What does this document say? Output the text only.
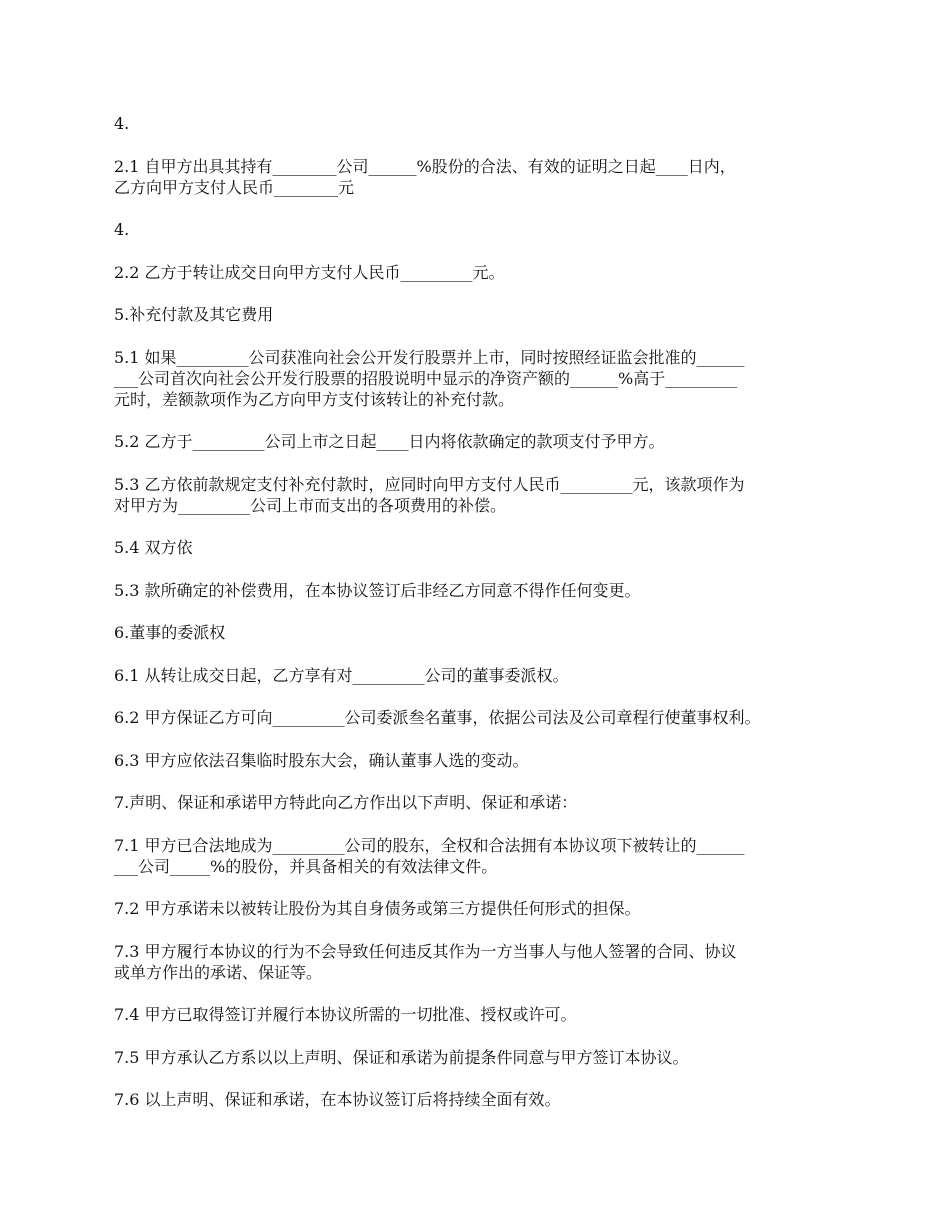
4.

2.1 自甲方出具其持有________公司______%股份的合法、有效的证明之日起____日内，
乙方向甲方支付人民币________元

4.

2.2 乙方于转让成交日向甲方支付人民币_________元。

5.补充付款及其它费用

5.1 如果_________公司获准向社会公开发行股票并上市，同时按照经证监会批准的______
___公司首次向社会公开发行股票的招股说明中显示的净资产额的______%高于_________
元时，差额款项作为乙方向甲方支付该转让的补充付款。

5.2 乙方于_________公司上市之日起____日内将依款确定的款项支付予甲方。

5.3 乙方依前款规定支付补充付款时，应同时向甲方支付人民币_________元，该款项作为
对甲方为_________公司上市而支出的各项费用的补偿。

5.4 双方依

5.3 款所确定的补偿费用，在本协议签订后非经乙方同意不得作任何变更。

6.董事的委派权

6.1 从转让成交日起，乙方享有对_________公司的董事委派权。

6.2 甲方保证乙方可向_________公司委派叁名董事，依据公司法及公司章程行使董事权利。

6.3 甲方应依法召集临时股东大会，确认董事人选的变动。

7.声明、保证和承诺甲方特此向乙方作出以下声明、保证和承诺：

7.1 甲方已合法地成为_________公司的股东，全权和合法拥有本协议项下被转让的______
___公司_____%的股份，并具备相关的有效法律文件。

7.2 甲方承诺未以被转让股份为其自身债务或第三方提供任何形式的担保。

7.3 甲方履行本协议的行为不会导致任何违反其作为一方当事人与他人签署的合同、协议
或单方作出的承诺、保证等。

7.4 甲方已取得签订并履行本协议所需的一切批准、授权或许可。

7.5 甲方承认乙方系以以上声明、保证和承诺为前提条件同意与甲方签订本协议。

7.6 以上声明、保证和承诺，在本协议签订后将持续全面有效。
